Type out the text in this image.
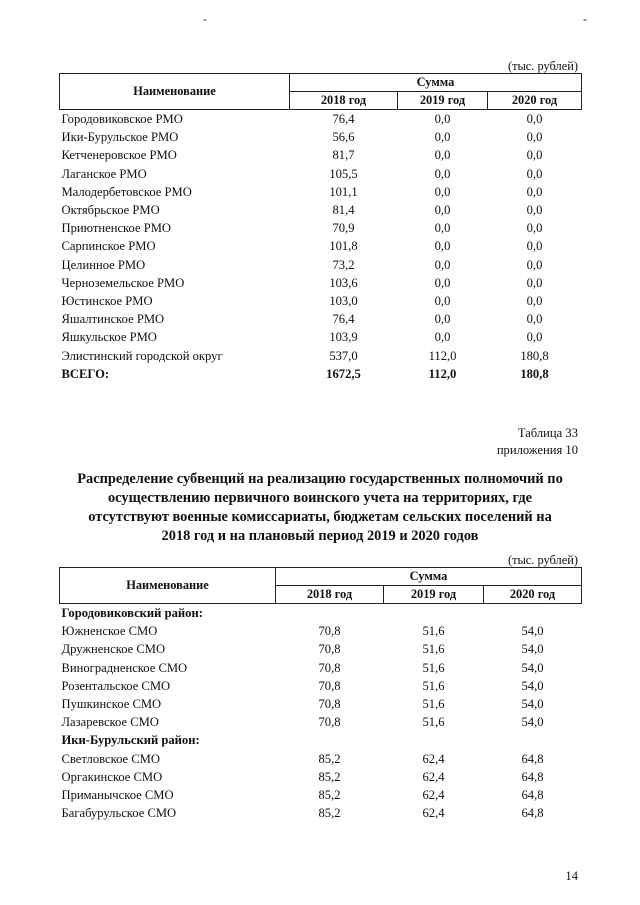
-	-
(тыс. рублей)
Наименование	Сумма		
	2018 год	2019 год	2020 год
Городовиковское РМО	76,4	0,0	0,0
Ики-Бурульское РМО	56,6	0,0	0,0
Кетченеровское РМО	81,7	0,0	0,0
Лаганское РМО	105,5	0,0	0,0
Малодербетовское РМО	101,1	0,0	0,0
Октябрьское РМО	81,4	0,0	0,0
Приютненское РМО	70,9	0,0	0,0
Сарпинское РМО	101,8	0,0	0,0
Целинное РМО	73,2	0,0	0,0
Черноземельское РМО	103,6	0,0	0,0
Юстинское РМО	103,0	0,0	0,0
Яшалтинское РМО	76,4	0,0	0,0
Яшкульское РМО	103,9	0,0	0,0
Элистинский городской округ	537,0	112,0	180,8
ВСЕГО:	1672,5	112,0	180,8
Таблица 33
приложения 10
Распределение субвенций на реализацию государственных полномочий по
осуществлению первичного воинского учета на территориях, где
отсутствуют военные комиссариаты, бюджетам сельских поселений на
2018 год и на плановый период 2019 и 2020 годов
(тыс. рублей)
Наименование	Сумма		
	2018 год	2019 год	2020 год
Городовиковский район:			
Южненское СМО	70,8	51,6	54,0
Дружненское СМО	70,8	51,6	54,0
Виноградненское СМО	70,8	51,6	54,0
Розентальское СМО	70,8	51,6	54,0
Пушкинское СМО	70,8	51,6	54,0
Лазаревское СМО	70,8	51,6	54,0
Ики-Бурульский район:			
Светловское СМО	85,2	62,4	64,8
Оргакинское СМО	85,2	62,4	64,8
Приманычское СМО	85,2	62,4	64,8
Багабурульское СМО	85,2	62,4	64,8
14
